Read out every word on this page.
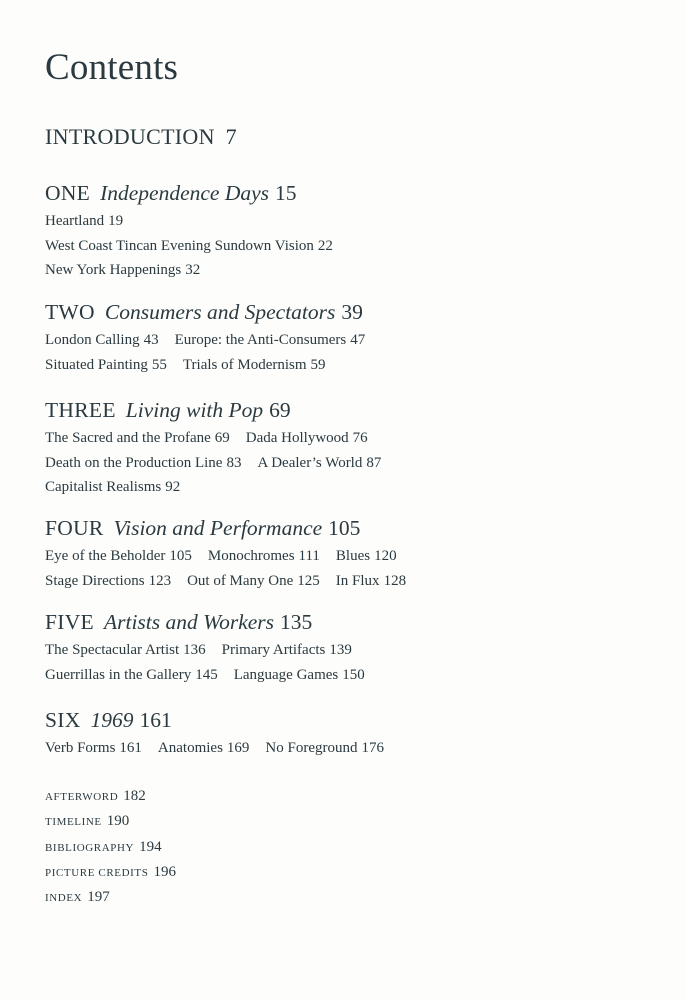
Contents
INTRODUCTION 7
ONE Independence Days 15
Heartland 19
West Coast Tincan Evening Sundown Vision 22
New York Happenings 32
TWO Consumers and Spectators 39
London Calling 43 Europe: the Anti-Consumers 47
Situated Painting 55 Trials of Modernism 59
THREE Living with Pop 69
The Sacred and the Profane 69 Dada Hollywood 76
Death on the Production Line 83 A Dealer’s World 87
Capitalist Realisms 92
FOUR Vision and Performance 105
Eye of the Beholder 105 Monochromes 111 Blues 120
Stage Directions 123 Out of Many One 125 In Flux 128
FIVE Artists and Workers 135
The Spectacular Artist 136 Primary Artifacts 139
Guerrillas in the Gallery 145 Language Games 150
SIX 1969 161
Verb Forms 161 Anatomies 169 No Foreground 176
AFTERWORD 182
TIMELINE 190
BIBLIOGRAPHY 194
PICTURE CREDITS 196
INDEX 197
